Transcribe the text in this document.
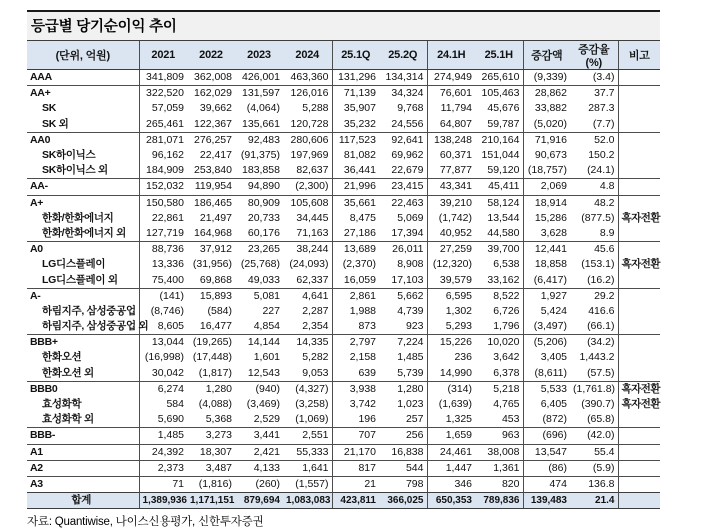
등급별 당기순이익 추이
(단위, 억원)	2021	2022	2023	2024	25.1Q	25.2Q	24.1H	25.1H	증감액	증감율(%)	비고
AAA	341,809	362,008	426,001	463,360	131,296	134,314	274,949	265,610	(9,339)	(3.4)	
AA+	322,520	162,029	131,597	126,016	71,139	34,324	76,601	105,463	28,862	37.7	
SK	57,059	39,662	(4,064)	5,288	35,907	9,768	11,794	45,676	33,882	287.3	
SK 외	265,461	122,367	135,661	120,728	35,232	24,556	64,807	59,787	(5,020)	(7.7)	
AA0	281,071	276,257	92,483	280,606	117,523	92,641	138,248	210,164	71,916	52.0	
SK하이닉스	96,162	22,417	(91,375)	197,969	81,082	69,962	60,371	151,044	90,673	150.2	
SK하이닉스 외	184,909	253,840	183,858	82,637	36,441	22,679	77,877	59,120	(18,757)	(24.1)	
AA-	152,032	119,954	94,890	(2,300)	21,996	23,415	43,341	45,411	2,069	4.8	
A+	150,580	186,465	80,909	105,608	35,661	22,463	39,210	58,124	18,914	48.2	
한화/한화에너지	22,861	21,497	20,733	34,445	8,475	5,069	(1,742)	13,544	15,286	(877.5)	흑자전환
한화/한화에너지 외	127,719	164,968	60,176	71,163	27,186	17,394	40,952	44,580	3,628	8.9	
A0	88,736	37,912	23,265	38,244	13,689	26,011	27,259	39,700	12,441	45.6	
LG디스플레이	13,336	(31,956)	(25,768)	(24,093)	(2,370)	8,908	(12,320)	6,538	18,858	(153.1)	흑자전환
LG디스플레이 외	75,400	69,868	49,033	62,337	16,059	17,103	39,579	33,162	(6,417)	(16.2)	
A-	(141)	15,893	5,081	4,641	2,861	5,662	6,595	8,522	1,927	29.2	
하림지주, 삼성중공업	(8,746)	(584)	227	2,287	1,988	4,739	1,302	6,726	5,424	416.6	
하림지주, 삼성중공업 외	8,605	16,477	4,854	2,354	873	923	5,293	1,796	(3,497)	(66.1)	
BBB+	13,044	(19,265)	14,144	14,335	2,797	7,224	15,226	10,020	(5,206)	(34.2)	
한화오션	(16,998)	(17,448)	1,601	5,282	2,158	1,485	236	3,642	3,405	1,443.2	
한화오션 외	30,042	(1,817)	12,543	9,053	639	5,739	14,990	6,378	(8,611)	(57.5)	
BBB0	6,274	1,280	(940)	(4,327)	3,938	1,280	(314)	5,218	5,533	(1,761.8)	흑자전환
효성화학	584	(4,088)	(3,469)	(3,258)	3,742	1,023	(1,639)	4,765	6,405	(390.7)	흑자전환
효성화학 외	5,690	5,368	2,529	(1,069)	196	257	1,325	453	(872)	(65.8)	
BBB-	1,485	3,273	3,441	2,551	707	256	1,659	963	(696)	(42.0)	
A1	24,392	18,307	2,421	55,333	21,170	16,838	24,461	38,008	13,547	55.4	
A2	2,373	3,487	4,133	1,641	817	544	1,447	1,361	(86)	(5.9)	
A3	71	(1,816)	(260)	(1,557)	21	798	346	820	474	136.8	
합계	1,389,936	1,171,151	879,694	1,083,083	423,811	366,025	650,353	789,836	139,483	21.4	
자료: Quantiwise, 나이스신용평가, 신한투자증권
